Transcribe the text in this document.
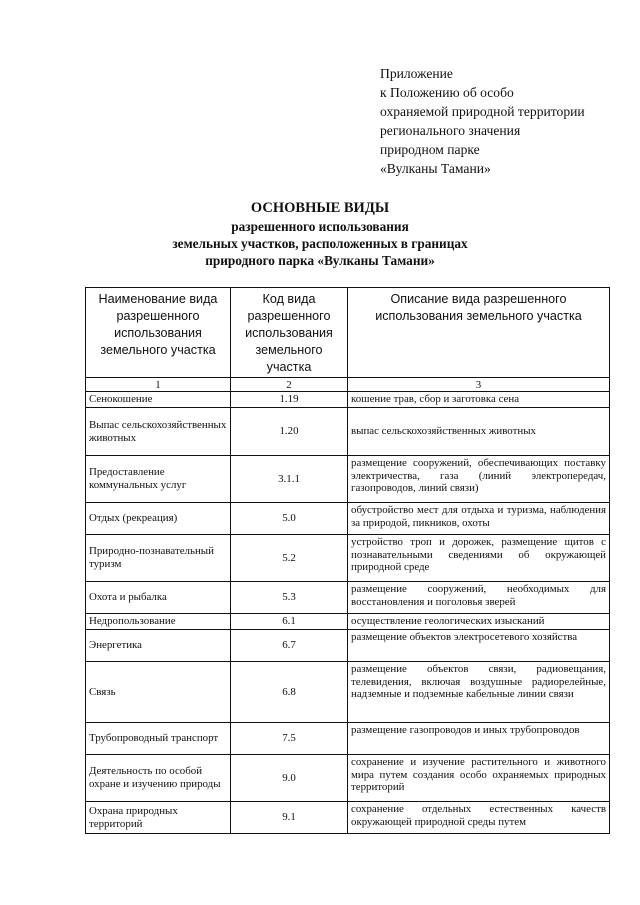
Приложение
к Положению об особо
охраняемой природной территории
регионального значения
природном парке
«Вулканы Тамани»
ОСНОВНЫЕ ВИДЫ
разрешенного использования
земельных участков, расположенных в границах
природного парка «Вулканы Тамани»
Наименование вида разрешенного использования земельного участка	Код вида разрешенного использования земельного участка	Описание вида разрешенного использования земельного участка
1	2	3
Сенокошение	1.19	кошение трав, сбор и заготовка сена
Выпас сельскохозяйственных животных	1.20	выпас сельскохозяйственных животных
Предоставление коммунальных услуг	3.1.1	размещение сооружений, обеспечивающих поставку электричества, газа (линий электропередач, газопроводов, линий связи)
Отдых (рекреация)	5.0	обустройство мест для отдыха и туризма, наблюдения за природой, пикников, охоты
Природно-познавательный туризм	5.2	устройство троп и дорожек, размещение щитов с познавательными сведениями об окружающей природной среде
Охота и рыбалка	5.3	размещение сооружений, необходимых для восстановления и поголовья зверей
Недропользование	6.1	осуществление геологических изысканий
Энергетика	6.7	размещение объектов электросетевого хозяйства
Связь	6.8	размещение объектов связи, радиовещания, телевидения, включая воздушные радиорелейные, надземные и подземные кабельные линии связи
Трубопроводный транспорт	7.5	размещение газопроводов и иных трубопроводов
Деятельность по особой охране и изучению природы	9.0	сохранение и изучение растительного и животного мира путем создания особо охраняемых природных территорий
Охрана природных территорий	9.1	сохранение отдельных естественных качеств окружающей природной среды путем
